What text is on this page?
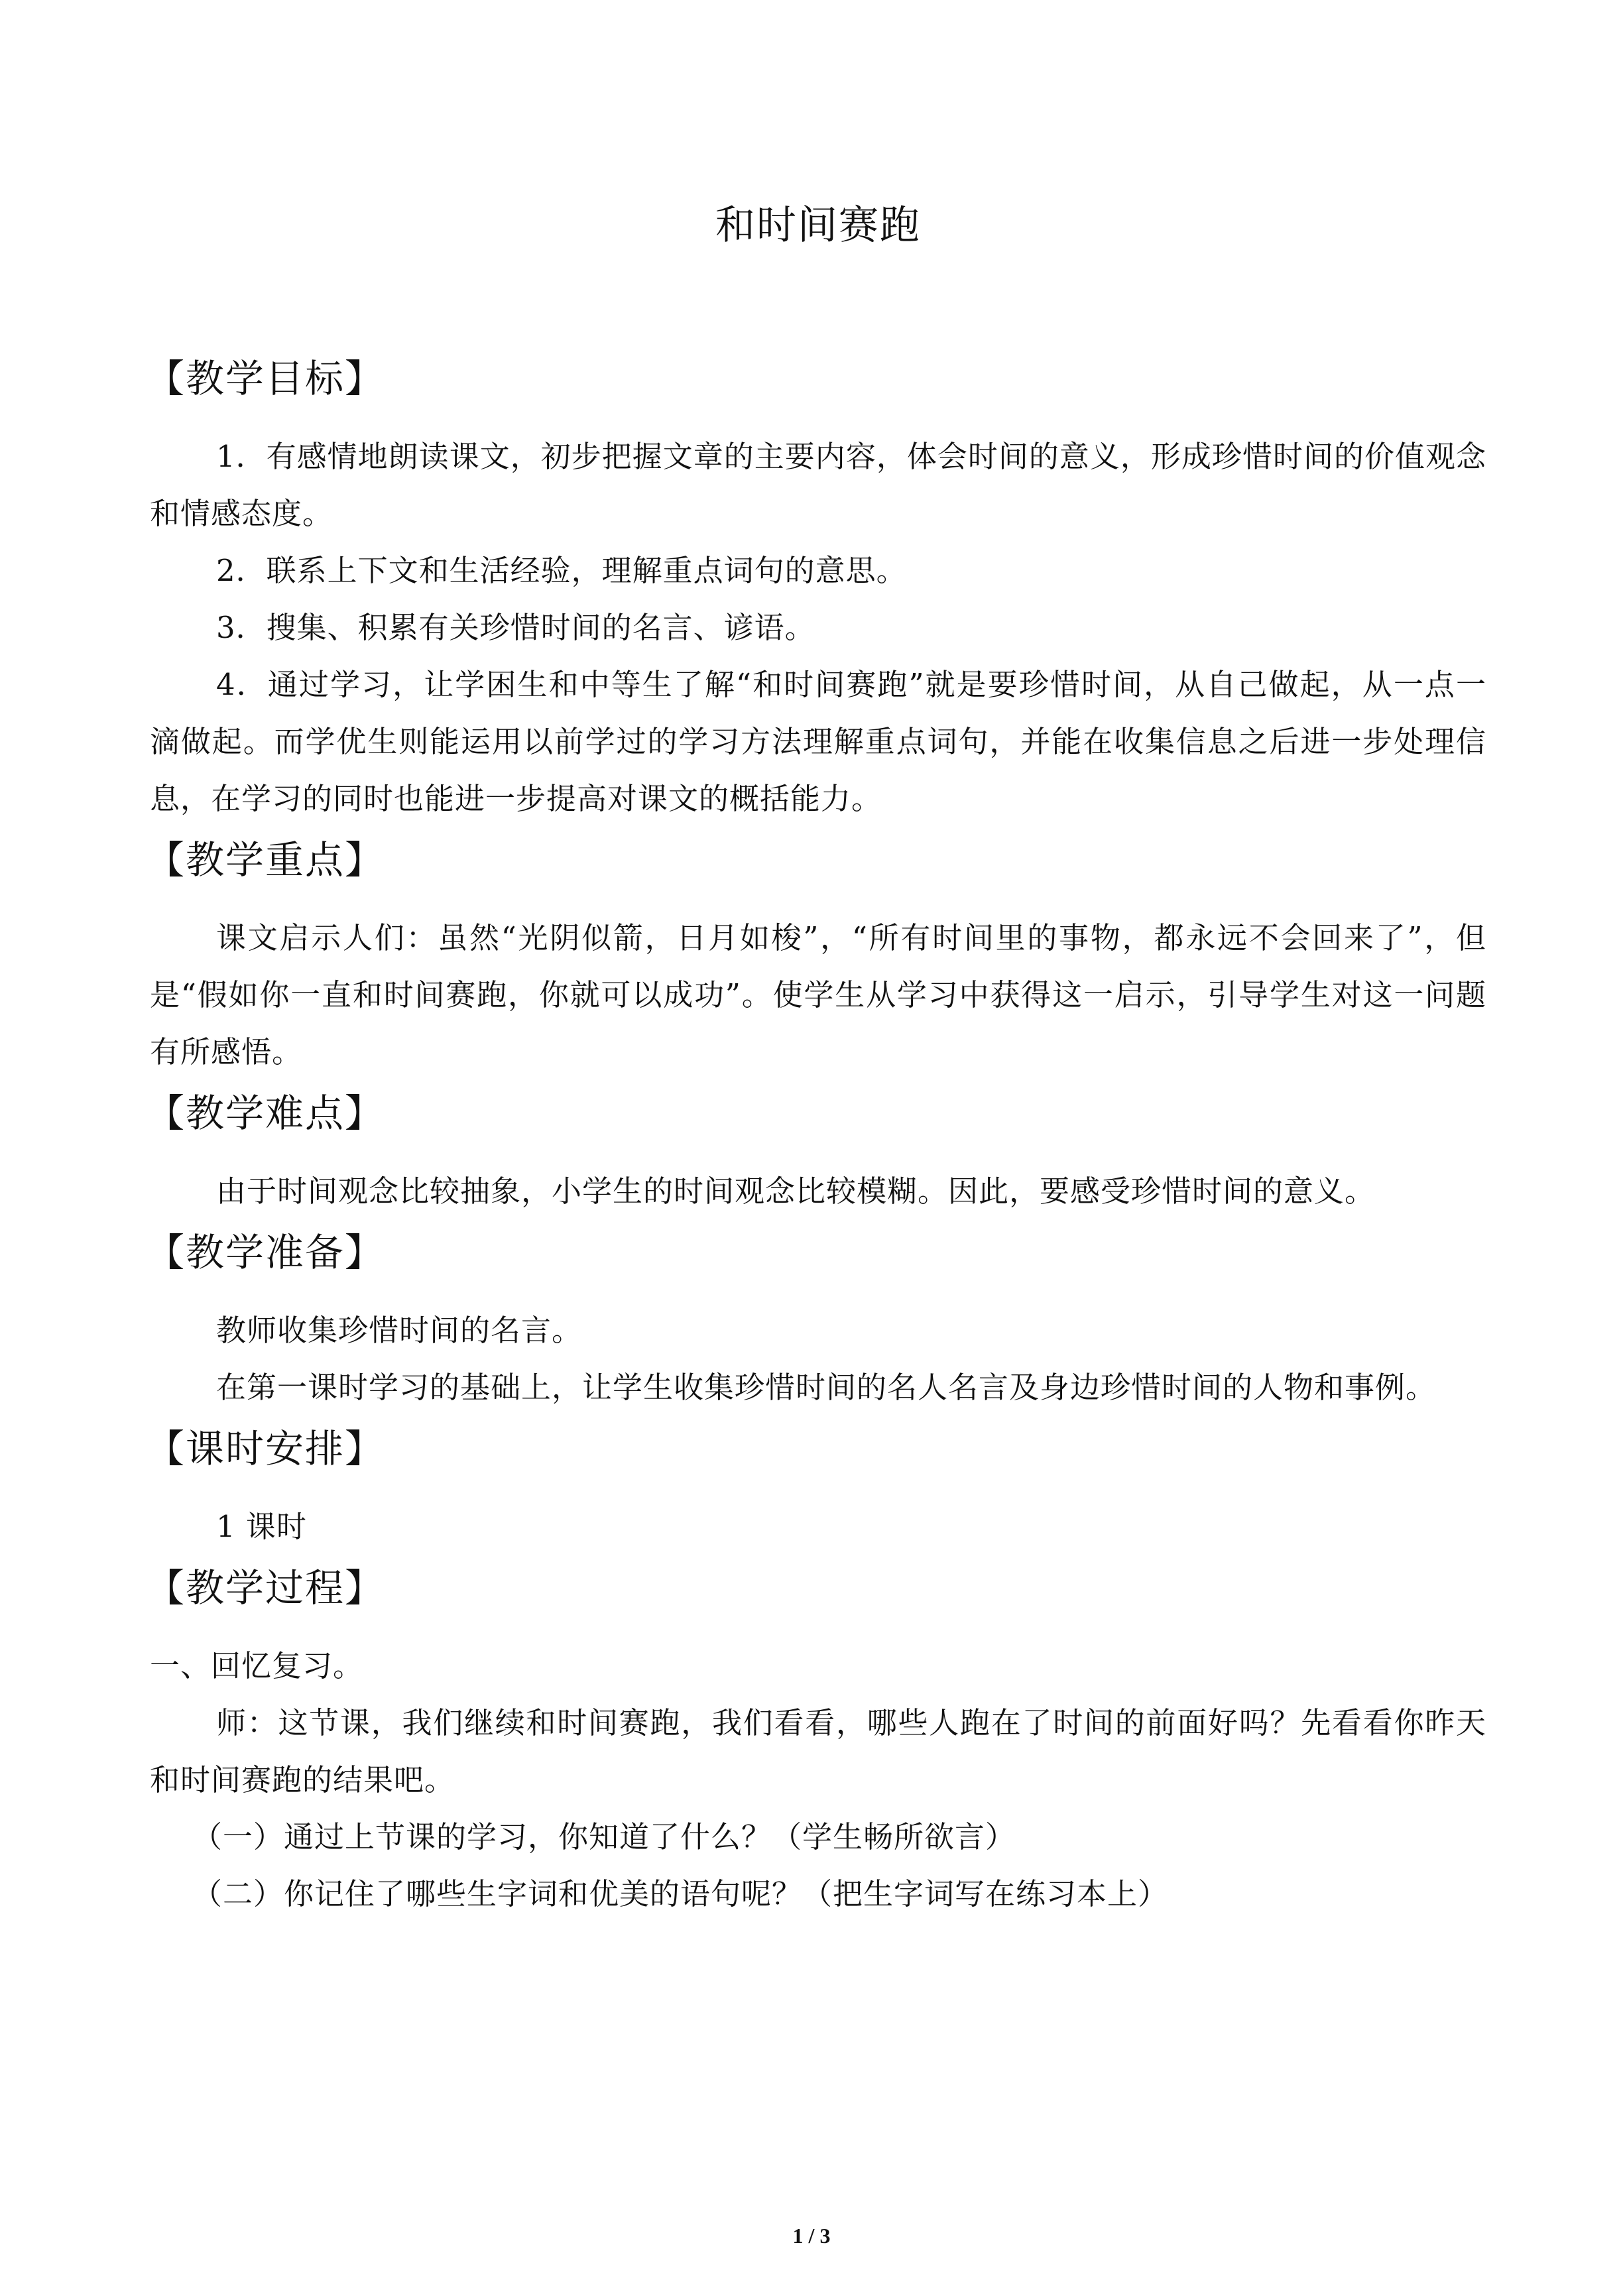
和时间赛跑
【教学目标】

1．有感情地朗读课文，初步把握文章的主要内容，体会时间的意义，形成珍惜时间的价值观念和情感态度。

2．联系上下文和生活经验，理解重点词句的意思。

3．搜集、积累有关珍惜时间的名言、谚语。

4．通过学习，让学困生和中等生了解“和时间赛跑”就是要珍惜时间，从自己做起，从一点一滴做起。而学优生则能运用以前学过的学习方法理解重点词句，并能在收集信息之后进一步处理信息，在学习的同时也能进一步提高对课文的概括能力。

【教学重点】

课文启示人们：虽然“光阴似箭，日月如梭”，“所有时间里的事物，都永远不会回来了”，但是“假如你一直和时间赛跑，你就可以成功”。使学生从学习中获得这一启示，引导学生对这一问题有所感悟。

【教学难点】

由于时间观念比较抽象，小学生的时间观念比较模糊。因此，要感受珍惜时间的意义。

【教学准备】

教师收集珍惜时间的名言。

在第一课时学习的基础上，让学生收集珍惜时间的名人名言及身边珍惜时间的人物和事例。

【课时安排】

1 课时

【教学过程】

一、回忆复习。

师：这节课，我们继续和时间赛跑，我们看看，哪些人跑在了时间的前面好吗？先看看你昨天和时间赛跑的结果吧。

（一）通过上节课的学习，你知道了什么？（学生畅所欲言）

（二）你记住了哪些生字词和优美的语句呢？（把生字词写在练习本上）

1 / 3
